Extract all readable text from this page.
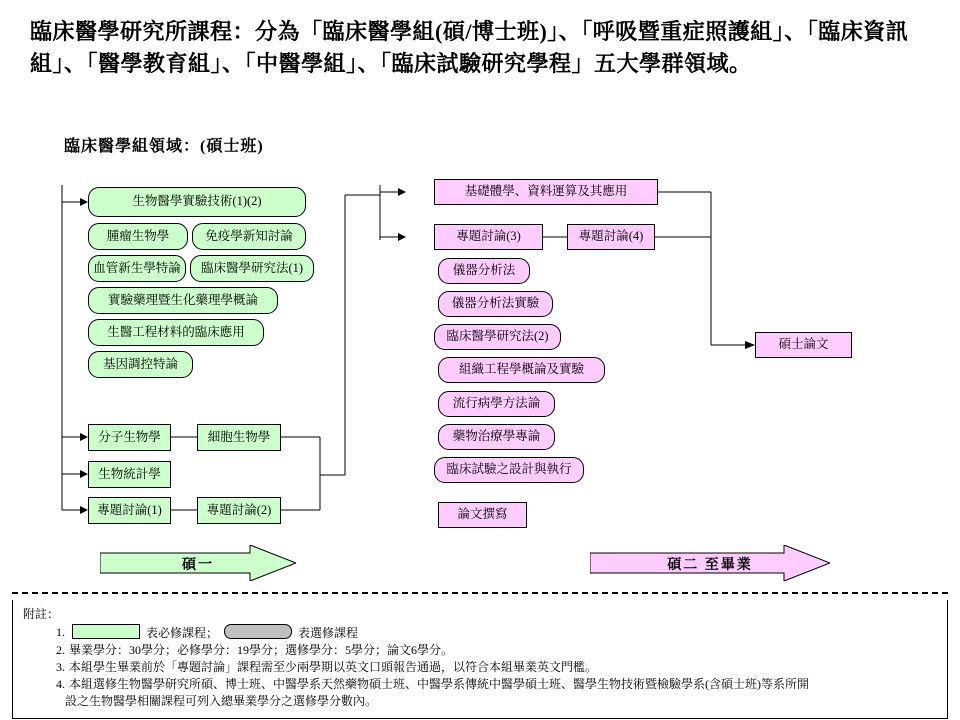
臨床醫學研究所課程：分為「臨床醫學組(碩/博士班)」、「呼吸暨重症照護組」、「臨床資訊組」、「醫學教育組」、「中醫學組」、「臨床試驗研究學程」五大學群領域。
臨床醫學組領域：(碩士班)
生物醫學實驗技術(1)(2)
腫瘤生物學	免疫學新知討論
血管新生學特論	臨床醫學研究法(1)
實驗藥理暨生化藥理學概論
生醫工程材料的臨床應用
基因調控特論
分子生物學	細胞生物學
生物統計學
專題討論(1)	專題討論(2)
基礎體學、資料運算及其應用
專題討論(3)	專題討論(4)
儀器分析法
儀器分析法實驗
臨床醫學研究法(2)
組織工程學概論及實驗
流行病學方法論
藥物治療學專論
臨床試驗之設計與執行
論文撰寫
碩士論文
碩一	碩二 至畢業
附註：
1.	表必修課程；	表選修課程
2. 畢業學分：30學分；必修學分：19學分；選修學分：5學分；論文6學分。
3. 本組學生畢業前於「專題討論」課程需至少兩學期以英文口頭報告通過，以符合本組畢業英文門檻。
4. 本組選修生物醫學研究所碩、博士班、中醫學系天然藥物碩士班、中醫學系傳統中醫學碩士班、醫學生物技術暨檢驗學系(含碩士班)等系所開
設之生物醫學相關課程可列入總畢業學分之選修學分數內。
